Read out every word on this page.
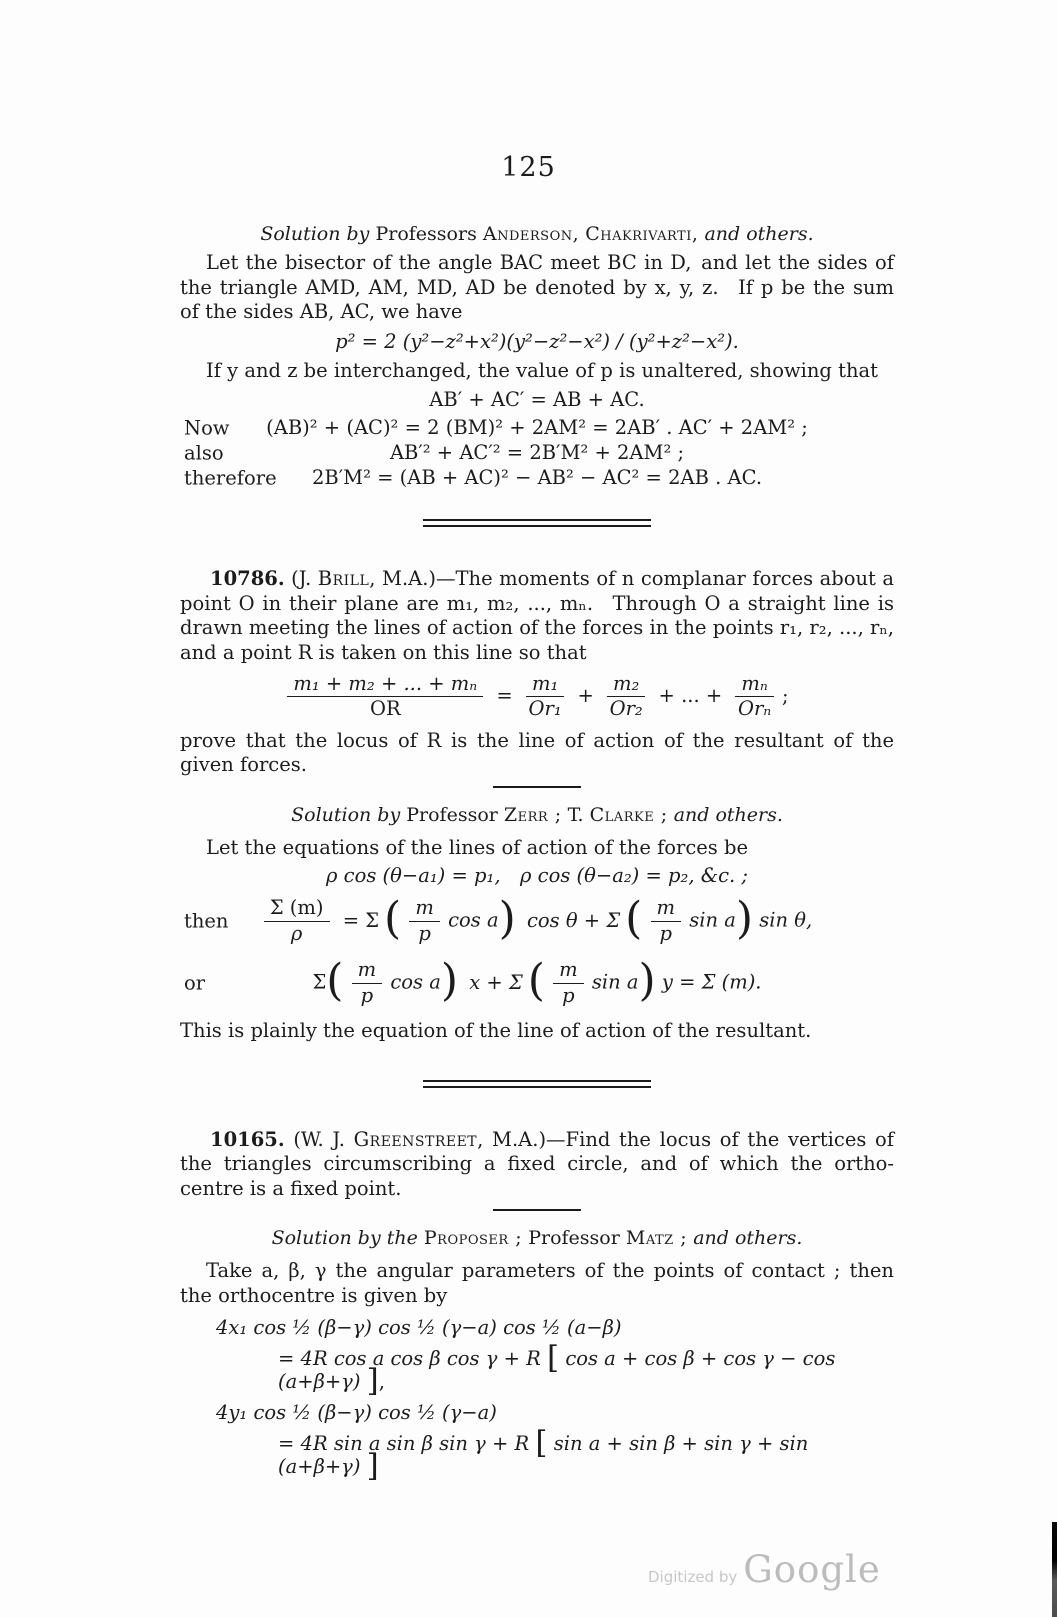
125
Solution by Professors Anderson, Chakrivarti, and others.

Let the bisector of the angle BAC meet BC in D, and let the sides of the triangle AMD, AM, MD, AD be denoted by x, y, z. If p be the sum of the sides AB, AC, we have

p² = 2 (y²−z²+x²)(y²−z²−x²) / (y²+z²−x²).

If y and z be interchanged, the value of p is unaltered, showing that

AB′ + AC′ = AB + AC.
Now (AB)² + (AC)² = 2 (BM)² + 2AM² = 2AB′ . AC′ + 2AM² ;
also	AB′² + AC′² = 2B′M² + 2AM² ;
therefore 2B′M² = (AB + AC)² − AB² − AC² = 2AB . AC.

10786. (J. Brill, M.A.)—The moments of n complanar forces about a point O in their plane are m₁, m₂, ..., mₙ. Through O a straight line is drawn meeting the lines of action of the forces in the points r₁, r₂, ..., rₙ, and a point R is taken on this line so that

$\frac{\text{m₁ + m₂ + ... + mₙ}}{OR} = \frac{\text{m₁}}{\text{Or₁}} + \frac{\text{m₂}}{\text{Or₂}}$ + ... + $\frac{\text{mₙ}}{\text{Orₙ}}$ ;

prove that the locus of R is the line of action of the resultant of the given forces.

Solution by Professor Zerr ; T. Clarke ; and others.

Let the equations of the lines of action of the forces be

ρ cos (θ−a₁) = p₁, ρ cos (θ−a₂) = p₂, &c. ;
then $\frac{\Sigma (m)}{\rho} = \Sigma$ ( $\frac{m}{p}$ cos a) cos θ + Σ ( $\frac{m}{p}$ sin a) sin θ,
or	$\Sigma( \frac{m}{p}$ cos a) x + Σ ( $\frac{m}{p}$ sin a) y = Σ (m).

This is plainly the equation of the line of action of the resultant.

10165. (W. J. Greenstreet, M.A.)—Find the locus of the vertices of the triangles circumscribing a fixed circle, and of which the ortho-centre is a fixed point.

Solution by the Proposer ; Professor Matz ; and others.

Take a, β, γ the angular parameters of the points of contact ; then the orthocentre is given by

4x₁ cos ½ (β−γ) cos ½ (γ−a) cos ½ (a−β)
= 4R cos a cos β cos γ + R [ cos a + cos β + cos γ − cos (a+β+γ) ],
4y₁ cos ½ (β−γ) cos ½ (γ−a)
= 4R sin a sin β sin γ + R [ sin a + sin β + sin γ + sin (a+β+γ) ]
Digitized by Google
